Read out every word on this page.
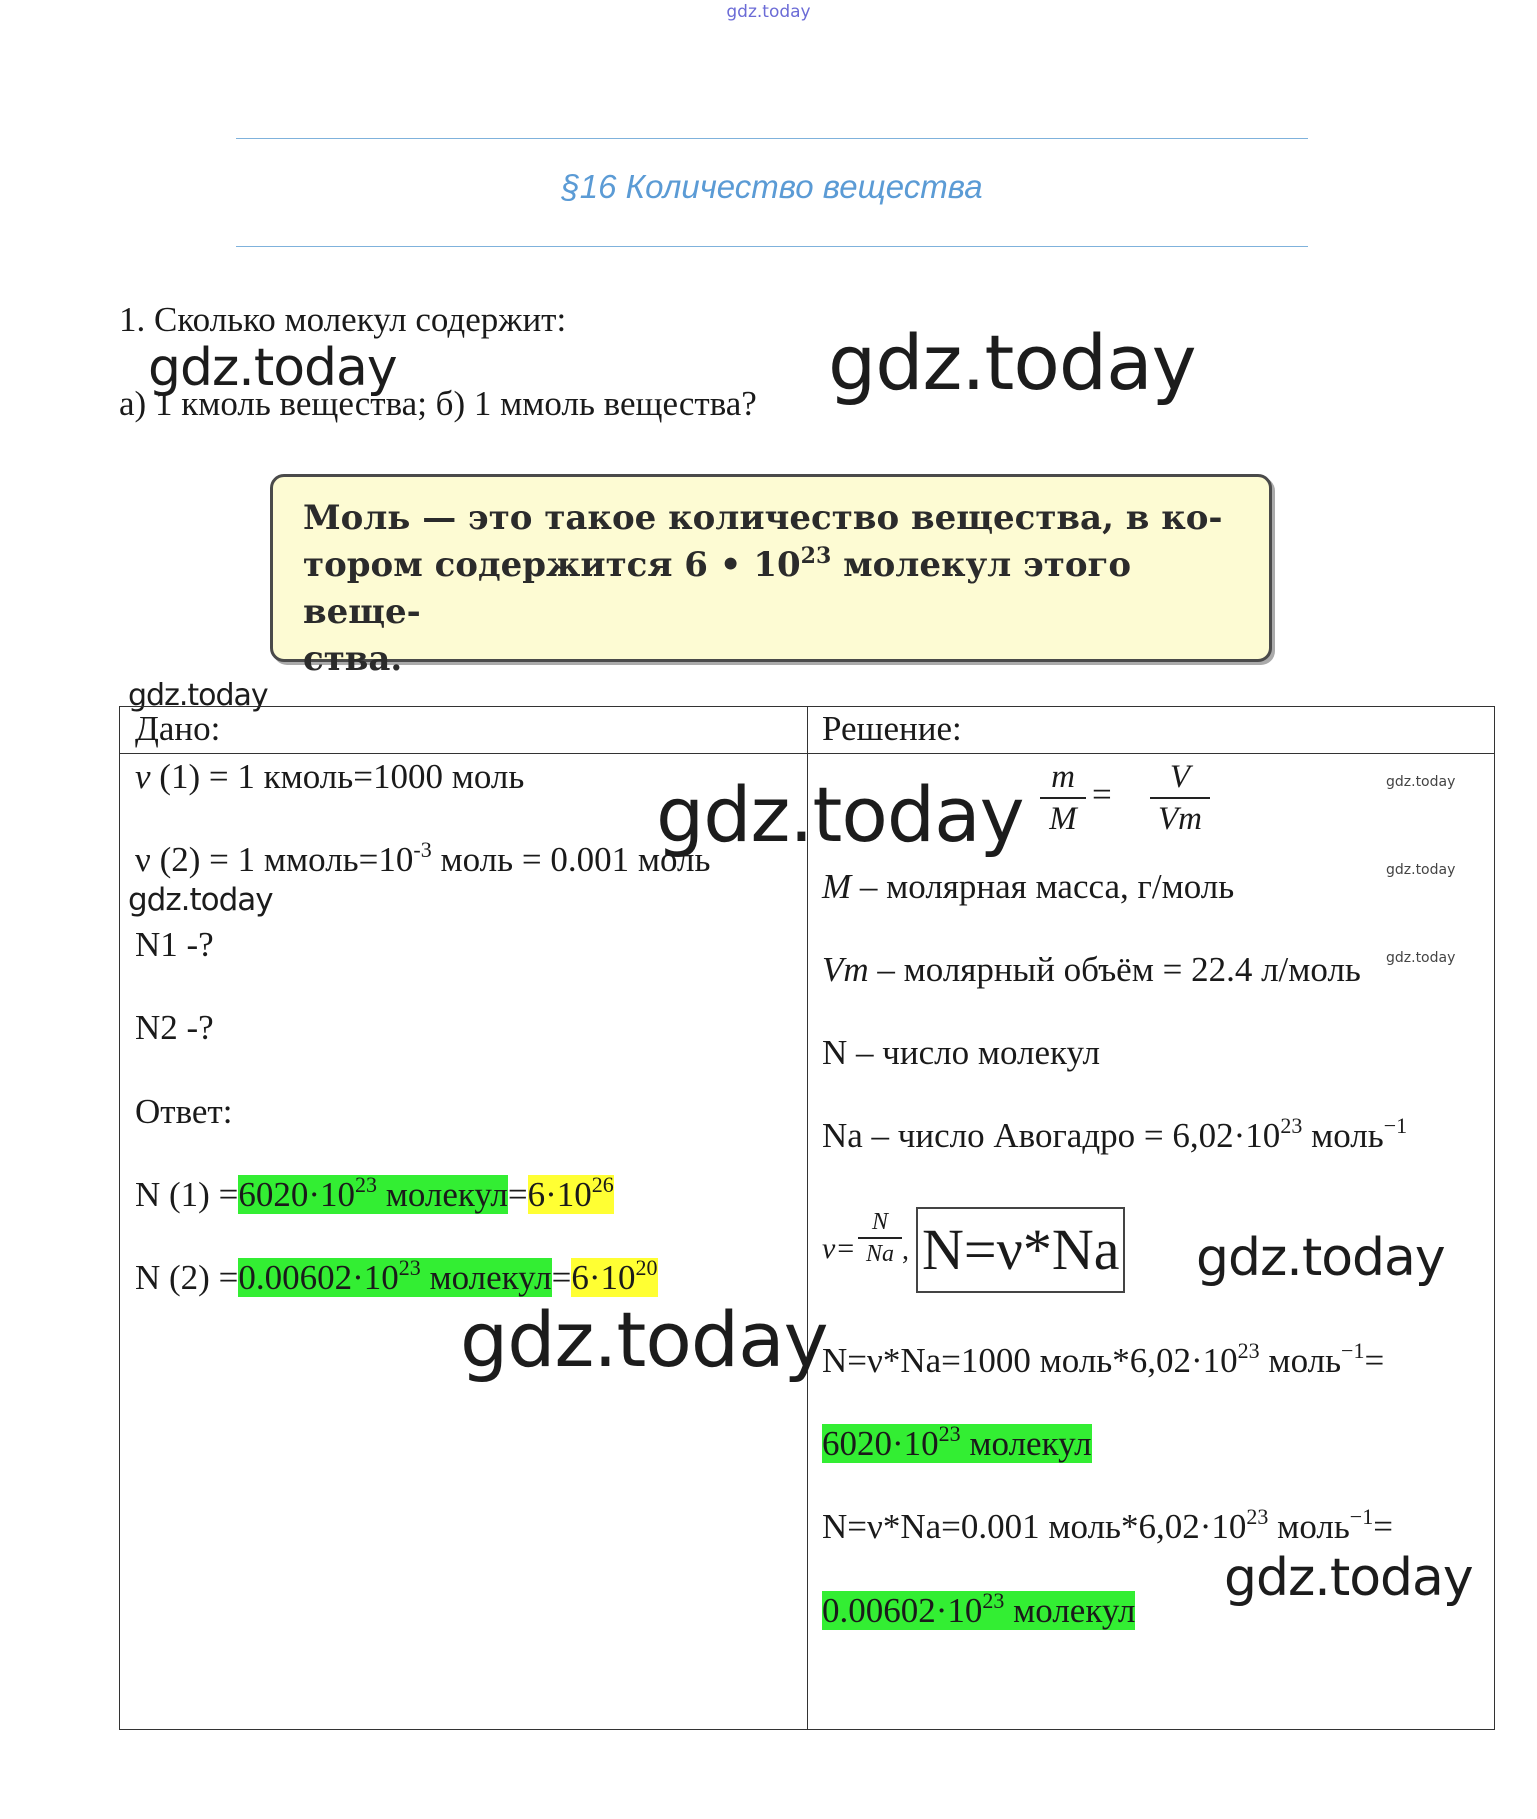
gdz.today
§16 Количество вещества
1. Сколько молекул содержит:
а) 1 кмоль вещества; б) 1 ммоль вещества?
gdz.today	gdz.today
Моль — это такое количество вещества, в ко-
тором содержится 6 • $10^{23}$ молекул этого веще-
ства.
gdz.today
Дано:
ν (1) = 1 кмоль=1000 моль
ν (2) = 1 $ммоль=10^{-3}$ моль = 0.001 моль
N1 -?
N2 -?
Ответ:
N $(1) =6020\cdot 10^{23}$ $молекул=6\cdot 10^{26}$
N $(2) =0.00602\cdot 10^{23}$ $молекул=6\cdot 10^{20}$
Решение:
m
M
=	V
Vm
M – молярная масса, г/моль
Vm – молярный объём = 22.4 л/моль
N – число молекул
Na – число Авогадро = $6,02\cdot 10^{23}$ моль$^{-1}$
ν=
N
Na , N=ν*Na
N=ν*Na=1000 $моль*6,02\cdot 10^{23}$ моль$^{-1}$=
$6020\cdot 10^{23}$ молекул
N=ν*Na=0.001 $моль*6,02\cdot 10^{23}$ моль$^{-1}$=
$0.00602\cdot 10^{23}$ молекул
gdz.today
gdz.today
gdz.today
gdz.today
gdz.today
gdz.today
gdz.today
gdz.today
